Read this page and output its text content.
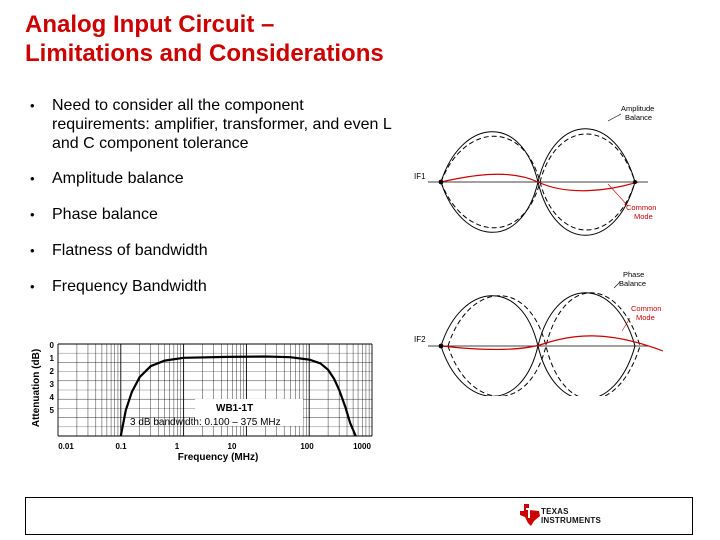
Analog Input Circuit –
Limitations and Considerations
• Need to consider all the component requirements: amplifier, transformer, and even L and C component tolerance
• Amplitude balance
• Phase balance
• Flatness of bandwidth
• Frequency Bandwidth
0
1
2
3
4
5
0.01	0.1	1	10	100	1000
WB1-1T
3 dB bandwidth: 0.100 – 375 MHz
Frequency (MHz)
Attenuation (dB)
IF1
Amplitude
Balance
Common
Mode
IF2
Phase
Balance
Common
Mode
TEXAS
INSTRUMENTS
